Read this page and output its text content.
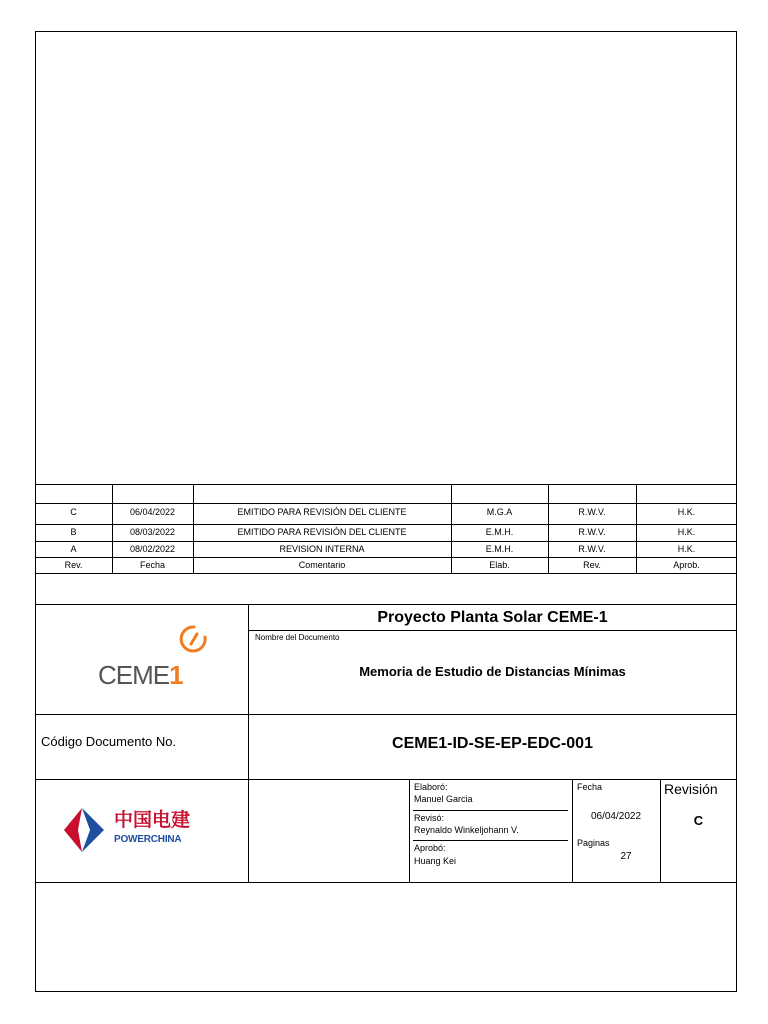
C	06/04/2022	EMITIDO PARA REVISIÓN DEL CLIENTE	M.G.A	R.W.V.	H.K.
B	08/03/2022	EMITIDO PARA REVISIÓN DEL CLIENTE	E.M.H.	R.W.V.	H.K.
A	08/02/2022	REVISION INTERNA	E.M.H.	R.W.V.	H.K.
Rev.	Fecha	Comentario	Elab.	Rev.	Aprob.
Proyecto Planta Solar CEME-1
Nombre del Documento
Memoria de Estudio de Distancias Mínimas
CEME1
Código Documento No.	CEME1-ID-SE-EP-EDC-001
中国电建
POWERCHINA
Elaboró:
Manuel Garcia
Revisó:
Reynaldo Winkeljohann V.
Aprobó:
Huang Kei
Fecha
06/04/2022
Paginas
27
Revisión
C
